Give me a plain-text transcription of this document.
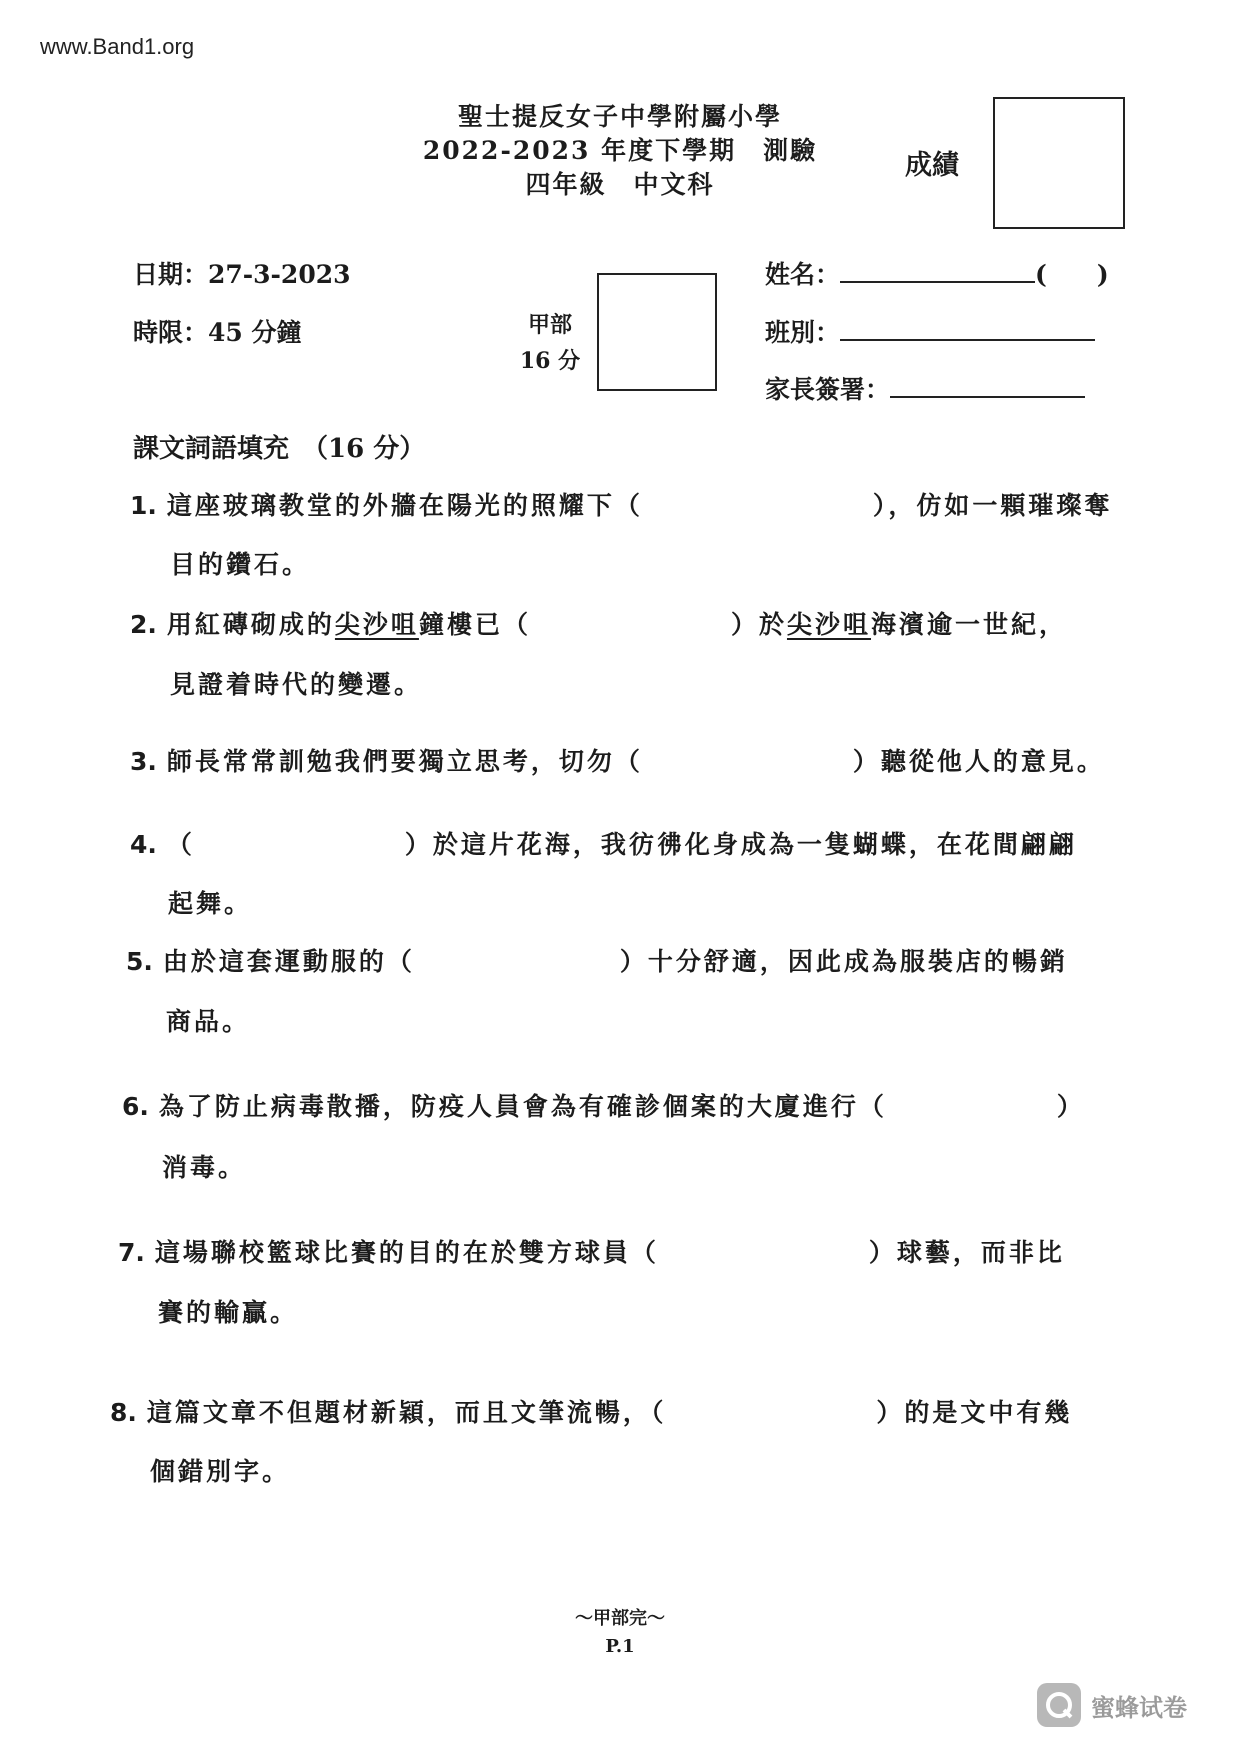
www.Band1.org
聖士提反女子中學附屬小學
2022-2023 年度下學期　測驗
四年級　中文科
成績
日期：27-3-2023
時限：45 分鐘	甲部
16 分
姓名：	(　　)
班別：
家長簽署：
課文詞語填充　（16 分）
1. 這座玻璃教堂的外牆在陽光的照耀下（	），仿如一顆璀璨奪
目的鑽石。
2. 用紅磚砌成的尖沙咀鐘樓已（	）於尖沙咀海濱逾一世紀，
見證着時代的變遷。
3. 師長常常訓勉我們要獨立思考，切勿（	）聽從他人的意見。
4. （	）於這片花海，我彷彿化身成為一隻蝴蝶，在花間翩翩
起舞。
5. 由於這套運動服的（	）十分舒適，因此成為服裝店的暢銷
商品。
6. 為了防止病毒散播，防疫人員會為有確診個案的大廈進行（	）
消毒。
7. 這場聯校籃球比賽的目的在於雙方球員（	）球藝，而非比
賽的輸贏。
8. 這篇文章不但題材新穎，而且文筆流暢，（	）的是文中有幾
個錯別字。
～甲部完～
P.1
蜜蜂试卷
